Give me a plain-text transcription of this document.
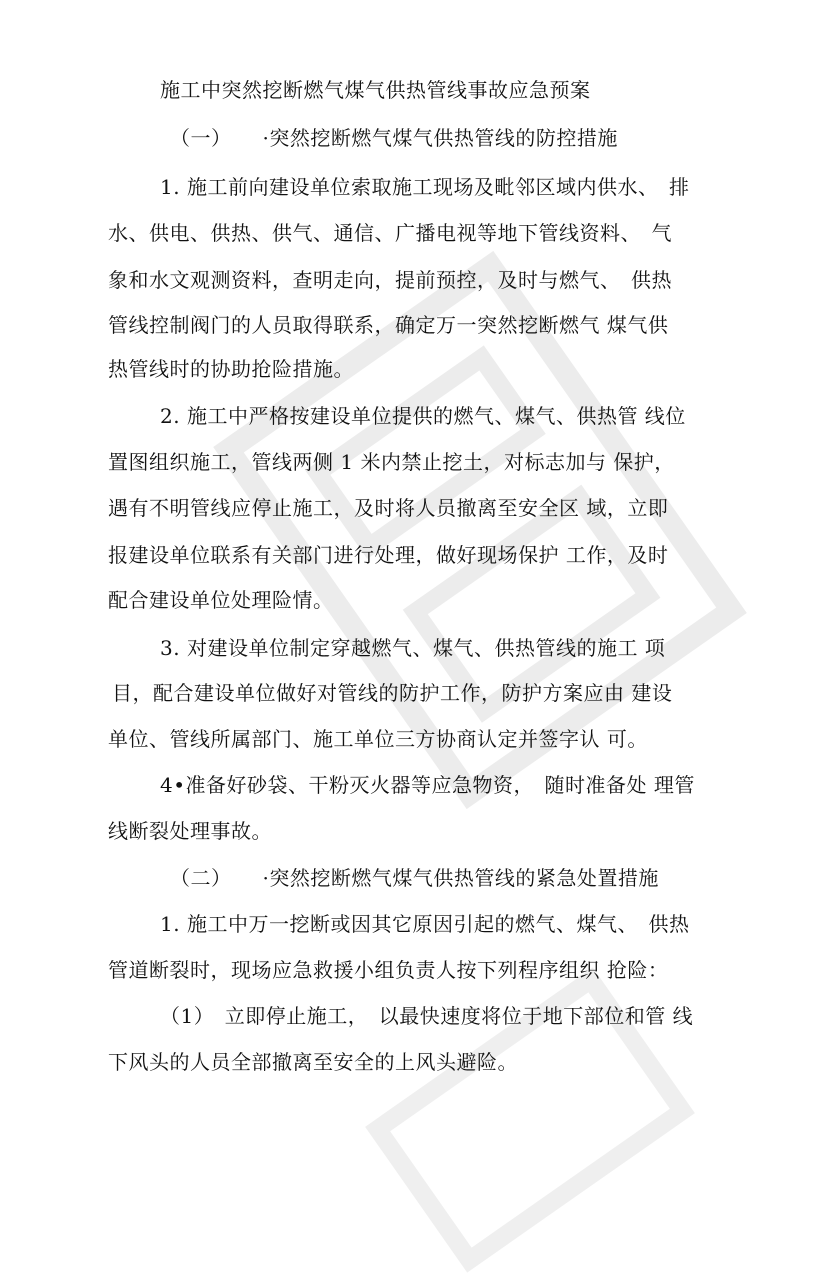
施工中突然挖断燃气煤气供热管线事故应急预案
（一）　　·突然挖断燃气煤气供热管线的防控措施
1. 施工前向建设单位索取施工现场及毗邻区域内供水、　排
水、供电、供热、供气、通信、广播电视等地下管线资料、　气
象和水文观测资料，查明走向，提前预控，及时与燃气、　供热
管线控制阀门的人员取得联系，确定万一突然挖断燃气 煤气供
热管线时的协助抢险措施。
2. 施工中严格按建设单位提供的燃气、煤气、供热管 线位
置图组织施工，管线两侧 1 米内禁止挖土，对标志加与 保护，
遇有不明管线应停止施工，及时将人员撤离至安全区 域，立即
报建设单位联系有关部门进行处理，做好现场保护 工作，及时
配合建设单位处理险情。
3. 对建设单位制定穿越燃气、煤气、供热管线的施工 项
目，配合建设单位做好对管线的防护工作，防护方案应由 建设
单位、管线所属部门、施工单位三方协商认定并签字认 可。
4•准备好砂袋、干粉灭火器等应急物资，　随时准备处 理管
线断裂处理事故。
（二）　　·突然挖断燃气煤气供热管线的紧急处置措施
1. 施工中万一挖断或因其它原因引起的燃气、煤气、　供热
管道断裂时，现场应急救援小组负责人按下列程序组织 抢险：
（1）　立即停止施工，　以最快速度将位于地下部位和管 线
下风头的人员全部撤离至安全的上风头避险。
